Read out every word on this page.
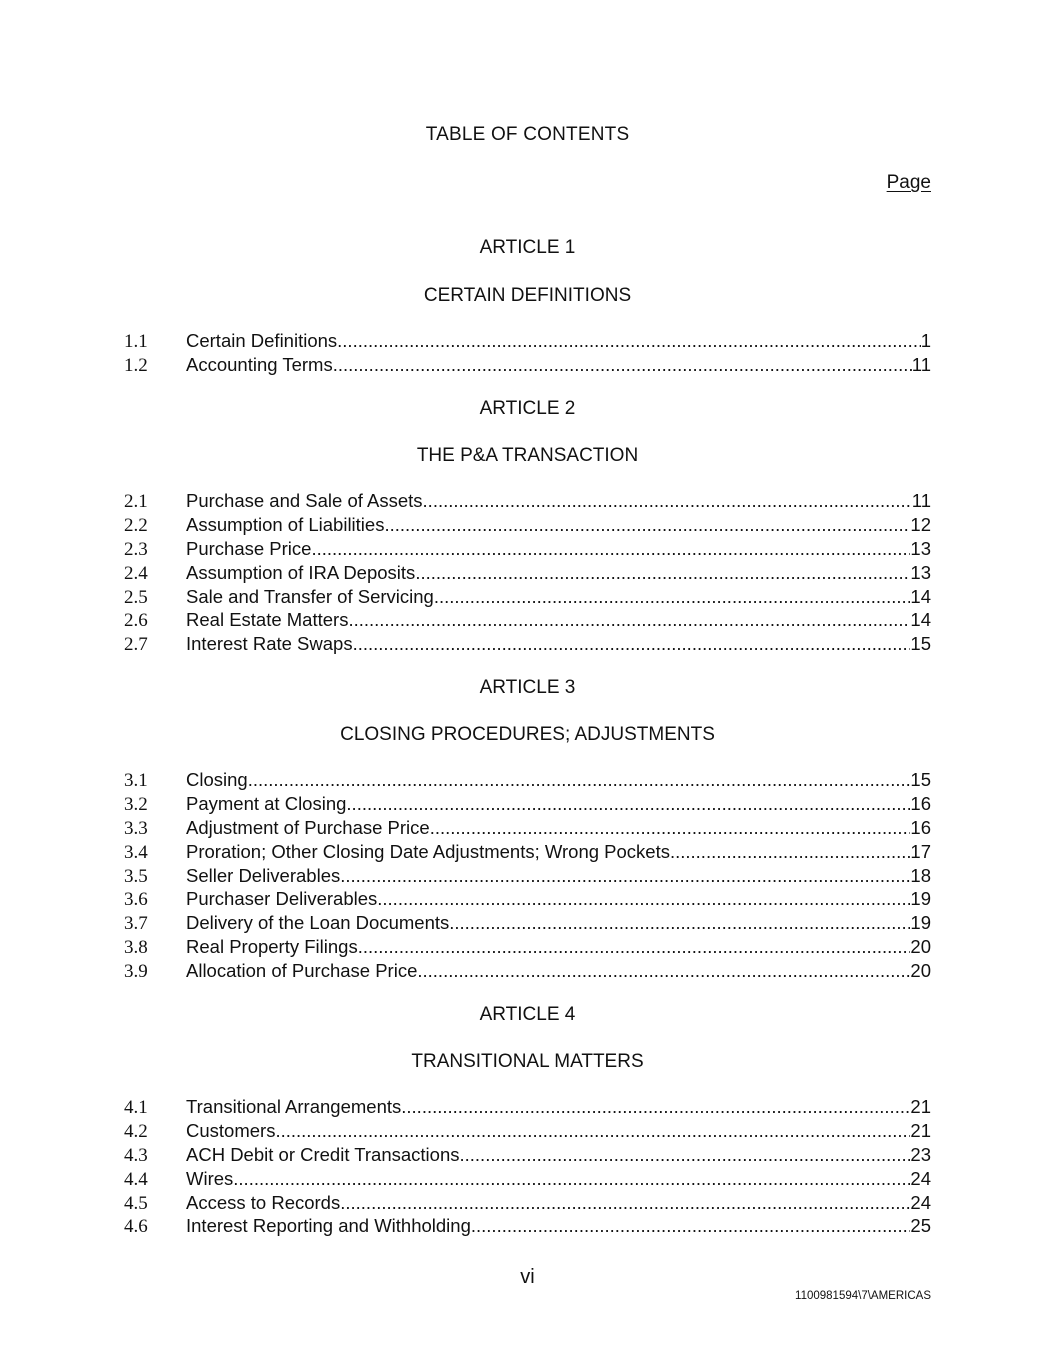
TABLE OF CONTENTS
Page
ARTICLE 1
CERTAIN DEFINITIONS
1.1	Certain Definitions .....	1
1.2	Accounting Terms .....	11
ARTICLE 2
THE P&A TRANSACTION
2.1	Purchase and Sale of Assets .....	11
2.2	Assumption of Liabilities .....	12
2.3	Purchase Price .....	13
2.4	Assumption of IRA Deposits .....	13
2.5	Sale and Transfer of Servicing .....	14
2.6	Real Estate Matters .....	14
2.7	Interest Rate Swaps .....	15
ARTICLE 3
CLOSING PROCEDURES; ADJUSTMENTS
3.1	Closing .....	15
3.2	Payment at Closing .....	16
3.3	Adjustment of Purchase Price .....	16
3.4	Proration; Other Closing Date Adjustments; Wrong Pockets .....	17
3.5	Seller Deliverables .....	18
3.6	Purchaser Deliverables .....	19
3.7	Delivery of the Loan Documents .....	19
3.8	Real Property Filings .....	20
3.9	Allocation of Purchase Price .....	20
ARTICLE 4
TRANSITIONAL MATTERS
4.1	Transitional Arrangements .....	21
4.2	Customers .....	21
4.3	ACH Debit or Credit Transactions .....	23
4.4	Wires .....	24
4.5	Access to Records .....	24
4.6	Interest Reporting and Withholding .....	25
vi
1100981594\7\AMERICAS
